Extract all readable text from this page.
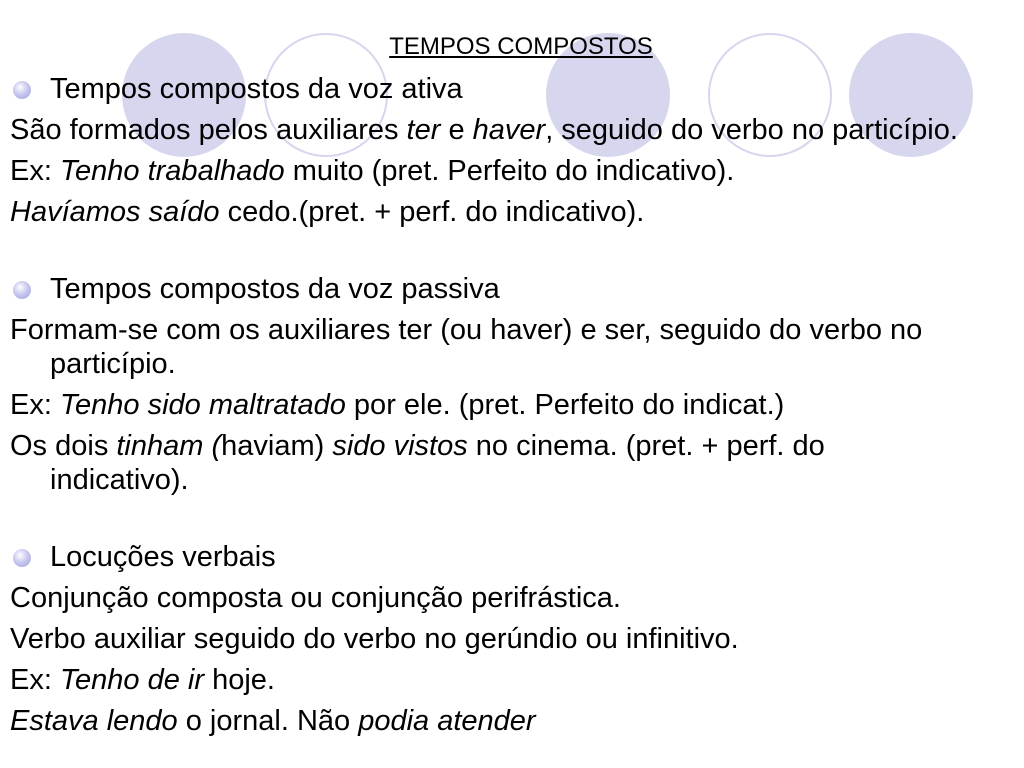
TEMPOS COMPOSTOS
Tempos compostos da voz ativa
São formados pelos auxiliares ter e haver, seguido do verbo no particípio.
Ex: Tenho trabalhado muito (pret. Perfeito do indicativo).
Havíamos saído cedo.(pret. + perf. do indicativo).
Tempos compostos da voz passiva
Formam-se com os auxiliares ter (ou haver) e ser, seguido do verbo no particípio.
Ex: Tenho sido maltratado por ele. (pret. Perfeito do indicat.)
Os dois tinham (haviam) sido vistos no cinema. (pret. + perf. do indicativo).
Locuções verbais
Conjunção composta ou conjunção perifrástica.
Verbo auxiliar seguido do verbo no gerúndio ou infinitivo.
Ex: Tenho de ir hoje.
Estava lendo o jornal. Não podia atender
